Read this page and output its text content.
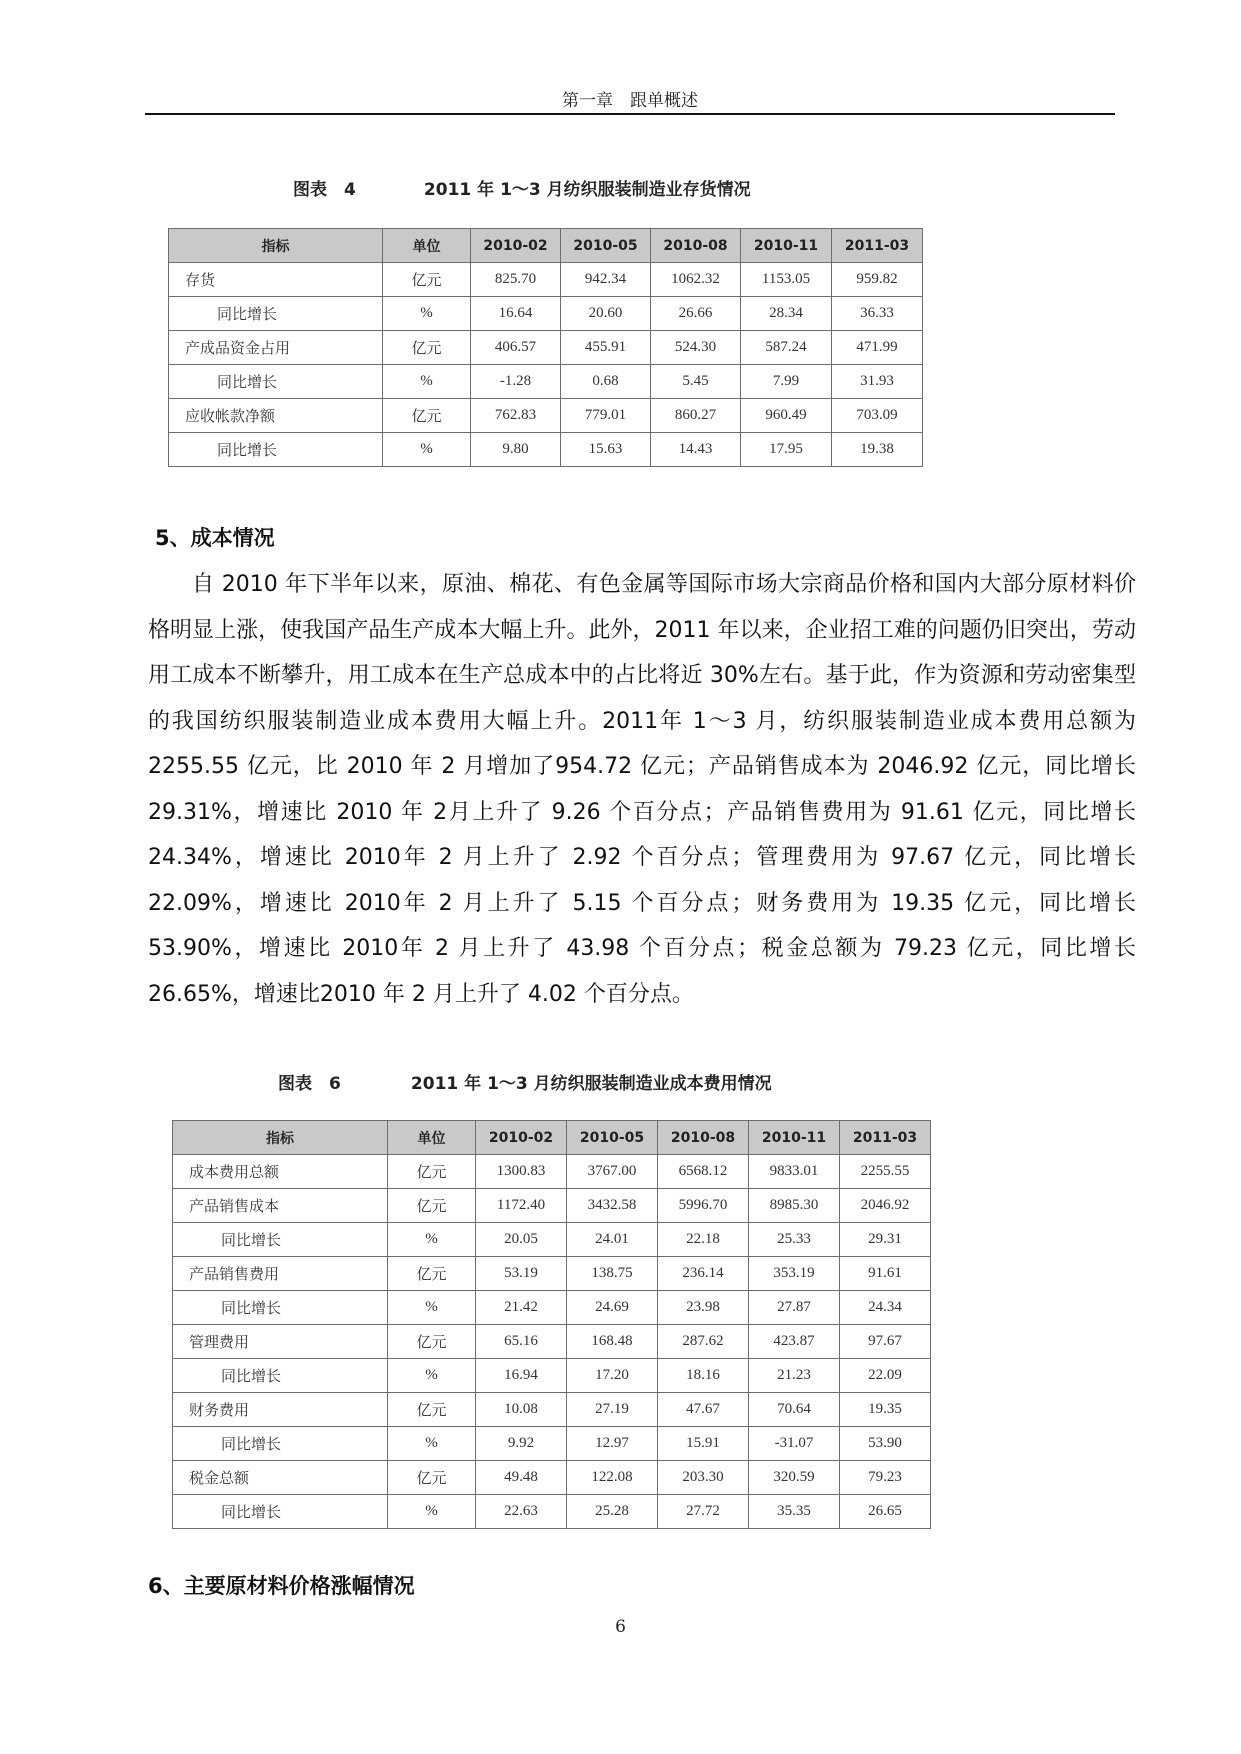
第一章　跟单概述
图表　4	2011 年 1～3 月纺织服装制造业存货情况
指标	单位	2010-02	2010-05	2010-08	2010-11	2011-03
存货	亿元	825.70	942.34	1062.32	1153.05	959.82
同比增长	%	16.64	20.60	26.66	28.34	36.33
产成品资金占用	亿元	406.57	455.91	524.30	587.24	471.99
同比增长	%	-1.28	0.68	5.45	7.99	31.93
应收帐款净额	亿元	762.83	779.01	860.27	960.49	703.09
同比增长	%	9.80	15.63	14.43	17.95	19.38
5、成本情况
自 2010 年下半年以来，原油、棉花、有色金属等国际市场大宗商品价格和国内大部分原材料价格明显上涨，使我国产品生产成本大幅上升。此外，2011 年以来，企业招工难的问题仍旧突出，劳动用工成本不断攀升，用工成本在生产总成本中的占比将近 30%左右。基于此，作为资源和劳动密集型的我国纺织服装制造业成本费用大幅上升。2011年 1～3 月，纺织服装制造业成本费用总额为 2255.55 亿元，比 2010 年 2 月增加了954.72 亿元；产品销售成本为 2046.92 亿元，同比增长 29.31%，增速比 2010 年 2月上升了 9.26 个百分点；产品销售费用为 91.61 亿元，同比增长 24.34%，增速比 2010年 2 月上升了 2.92 个百分点；管理费用为 97.67 亿元，同比增长 22.09%，增速比 2010年 2 月上升了 5.15 个百分点；财务费用为 19.35 亿元，同比增长 53.90%，增速比 2010年 2 月上升了 43.98 个百分点；税金总额为 79.23 亿元，同比增长 26.65%，增速比2010 年 2 月上升了 4.02 个百分点。
图表　6	2011 年 1～3 月纺织服装制造业成本费用情况
指标	单位	2010-02	2010-05	2010-08	2010-11	2011-03
成本费用总额	亿元	1300.83	3767.00	6568.12	9833.01	2255.55
产品销售成本	亿元	1172.40	3432.58	5996.70	8985.30	2046.92
同比增长	%	20.05	24.01	22.18	25.33	29.31
产品销售费用	亿元	53.19	138.75	236.14	353.19	91.61
同比增长	%	21.42	24.69	23.98	27.87	24.34
管理费用	亿元	65.16	168.48	287.62	423.87	97.67
同比增长	%	16.94	17.20	18.16	21.23	22.09
财务费用	亿元	10.08	27.19	47.67	70.64	19.35
同比增长	%	9.92	12.97	15.91	-31.07	53.90
税金总额	亿元	49.48	122.08	203.30	320.59	79.23
同比增长	%	22.63	25.28	27.72	35.35	26.65
6、主要原材料价格涨幅情况
6
